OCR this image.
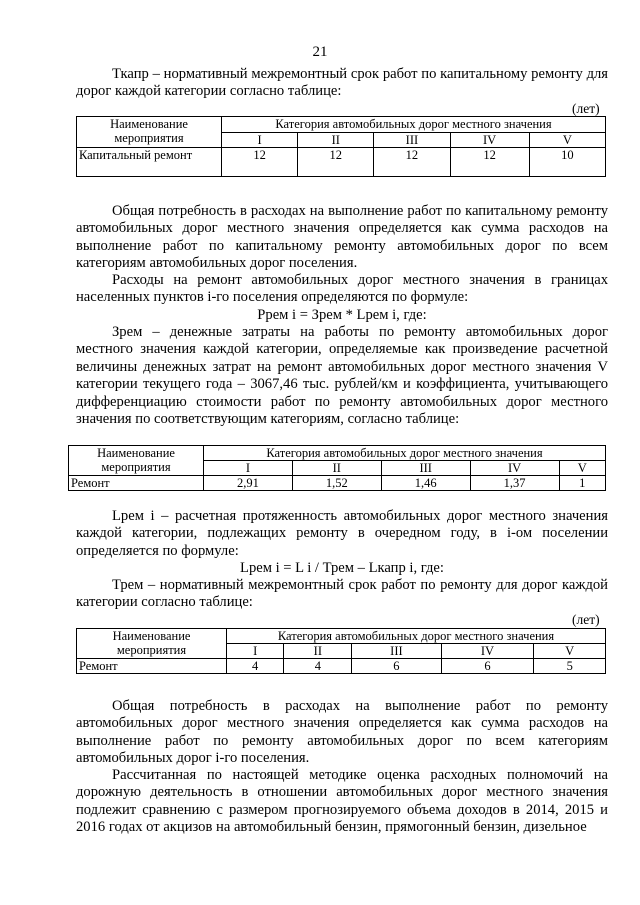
21

Ткапр – нормативный межремонтный срок работ по капитальному ремонту для дорог каждой категории согласно таблице:

(лет)
Наименование мероприятия	Категория автомобильных дорог местного значения				
	I	II	III	IV	V
Капитальный ремонт	12	12	12	12	10

Общая потребность в расходах на выполнение работ по капитальному ремонту автомобильных дорог местного значения определяется как сумма расходов на выполнение работ по капитальному ремонту автомобильных дорог по всем категориям автомобильных дорог поселения.

Расходы на ремонт автомобильных дорог местного значения в границах населенных пунктов i-го поселения определяются по формуле:

Pрем i = Зрем * Lрем i, где:

Зрем – денежные затраты на работы по ремонту автомобильных дорог местного значения каждой категории, определяемые как произведение расчетной величины денежных затрат на ремонт автомобильных дорог местного значения V категории текущего года – 3067,46 тыс. рублей/км и коэффициента, учитывающего дифференциацию стоимости работ по ремонту автомобильных дорог местного значения по соответствующим категориям, согласно таблице:

Наименование мероприятия	Категория автомобильных дорог местного значения				
	I	II	III	IV	V
Ремонт	2,91	1,52	1,46	1,37	1

Lрем i – расчетная протяженность автомобильных дорог местного значения каждой категории, подлежащих ремонту в очередном году, в i-ом поселении определяется по формуле:

Lрем i = L i / Трем – Lкапр i, где:

Трем – нормативный межремонтный срок работ по ремонту для дорог каждой категории согласно таблице:

(лет)
Наименование мероприятия	Категория автомобильных дорог местного значения				
	I	II	III	IV	V
Ремонт	4	4	6	6	5

Общая потребность в расходах на выполнение работ по ремонту автомобильных дорог местного значения определяется как сумма расходов на выполнение работ по ремонту автомобильных дорог по всем категориям автомобильных дорог i-го поселения.

Рассчитанная по настоящей методике оценка расходных полномочий на дорожную деятельность в отношении автомобильных дорог местного значения подлежит сравнению с размером прогнозируемого объема доходов в 2014, 2015 и 2016 годах от акцизов на автомобильный бензин, прямогонный бензин, дизельное
